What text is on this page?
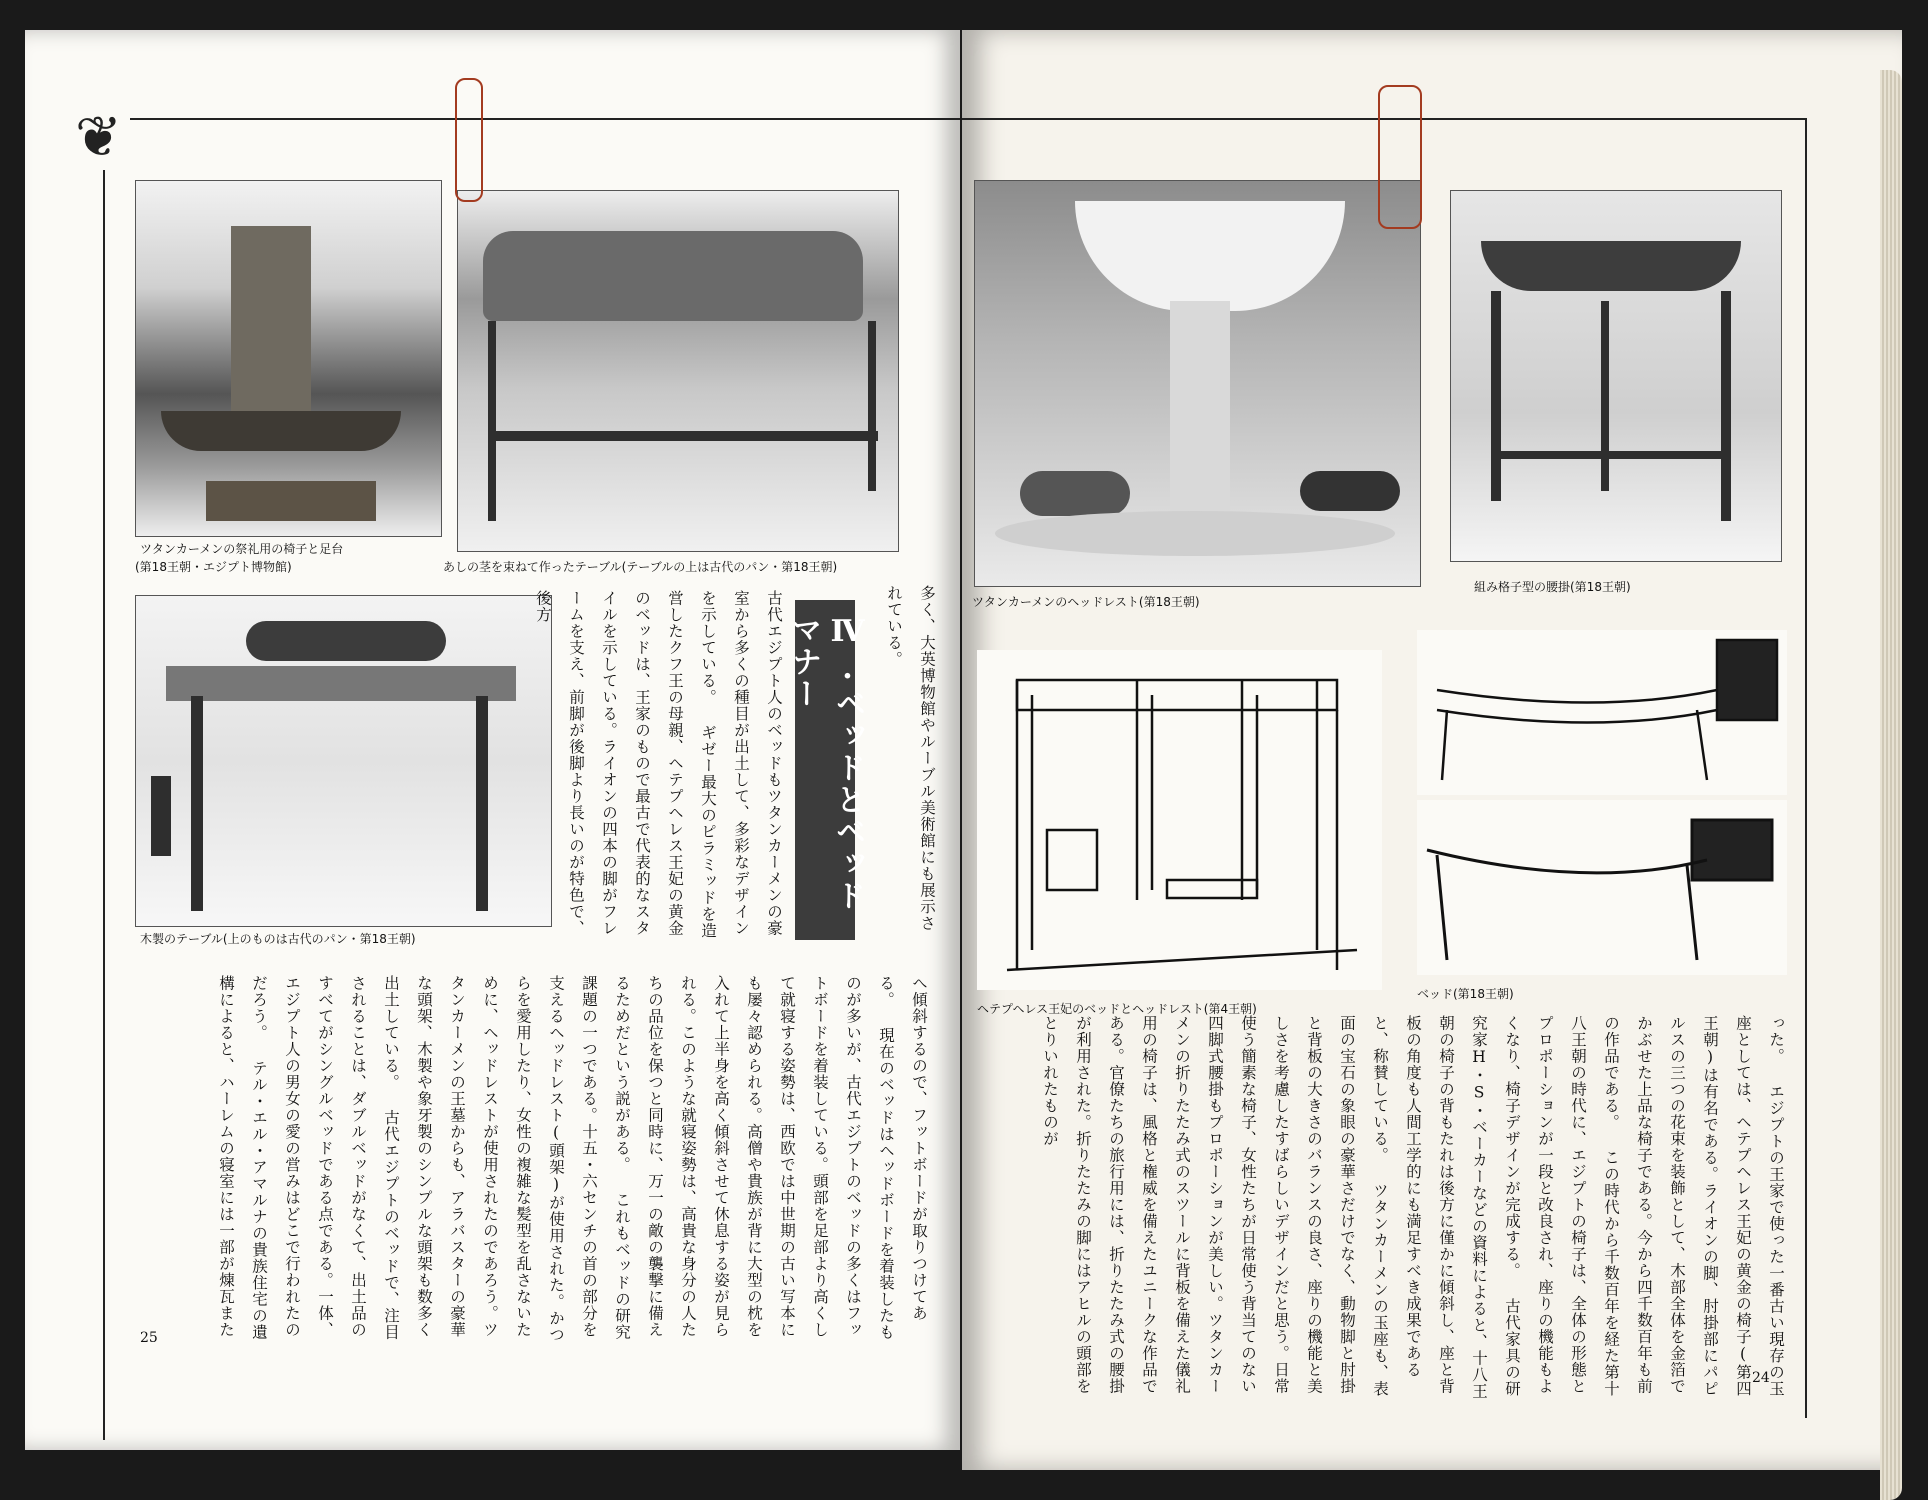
❦
ツタンカーメンの祭礼用の椅子と足台
(第18王朝・エジプト博物館)	あしの茎を束ねて作ったテーブル(テーブルの上は古代のパン・第18王朝)
木製のテーブル(上のものは古代のパン・第18王朝)
Ⅳ.ベッドとベッドマナー
古代エジプト人のベッドもツタンカーメンの豪室から多くの種目が出土して、多彩なデザインを示している。 ギゼー最大のピラミッドを造営したクフ王の母親、ヘテプヘレス王妃の黄金のベッドは、王家のもので最古で代表的なスタイルを示している。ライオンの四本の脚がフレームを支え、前脚が後脚より長いのが特色で、後方	多く、大英博物館やルーブル美術館にも展示されている。
へ傾斜するので、フットボードが取りつけてある。 現在のベッドはヘッドボードを着装したものが多いが、古代エジプトのベッドの多くはフットボードを着装している。頭部を足部より高くして就寝する姿勢は、西欧では中世期の古い写本にも屡々認められる。高僧や貴族が背に大型の枕を入れて上半身を高く傾斜させて休息する姿が見られる。このような就寝姿勢は、高貴な身分の人たちの品位を保つと同時に、万一の敵の襲撃に備えるためだという説がある。 これもベッドの研究課題の一つである。十五・六センチの首の部分を支えるヘッドレスト(頭架)が使用された。かつらを愛用したり、女性の複雑な髪型を乱さないために、ヘッドレストが使用されたのであろう。ツタンカーメンの王墓からも、アラバスターの豪華な頭架、木製や象牙製のシンプルな頭架も数多く出土している。 古代エジプトのベッドで、注目されることは、ダブルベッドがなくて、出土品のすべてがシングルベッドである点である。一体、エジプト人の男女の愛の営みはどこで行われたのだろう。 テル・エル・アマルナの貴族住宅の遺構によると、ハーレムの寝室には一部が煉瓦また
25
ツタンカーメンのヘッドレスト(第18王朝)
組み格子型の腰掛(第18王朝)
ヘテプヘレス王妃のベッドとヘッドレスト(第4王朝)
ベッド(第18王朝)
った。 エジプトの王家で使った一番古い現存の玉座としては、ヘテプヘレス王妃の黄金の椅子(第四王朝)は有名である。ライオンの脚、肘掛部にパピルスの三つの花束を装飾として、木部全体を金箔でかぶせた上品な椅子である。今から四千数百年も前の作品である。 この時代から千数百年を経た第十八王朝の時代に、エジプトの椅子は、全体の形態とプロポーションが一段と改良され、座りの機能もよくなり、椅子デザインが完成する。 古代家具の研究家H・S・ベーカーなどの資料によると、十八王朝の椅子の背もたれは後方に僅かに傾斜し、座と背板の角度も人間工学的にも満足すべき成果であると、称賛している。 ツタンカーメンの玉座も、表面の宝石の象眼の豪華さだけでなく、動物脚と肘掛と背板の大きさのバランスの良さ、座りの機能と美しさを考慮したすばらしいデザインだと思う。日常使う簡素な椅子、女性たちが日常使う背当てのない四脚式腰掛もプロポーションが美しい。ツタンカーメンの折りたたみ式のスツールに背板を備えた儀礼用の椅子は、風格と権威を備えたユニークな作品である。官僚たちの旅行用には、折りたたみ式の腰掛が利用された。折りたたみの脚にはアヒルの頭部をとりいれたものが
24
